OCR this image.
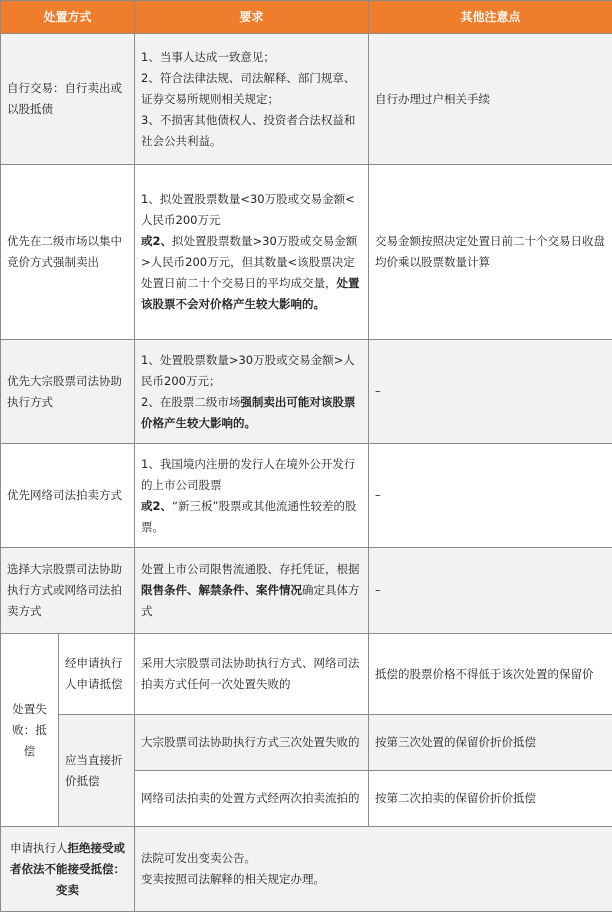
处置方式		要求	其他注意点
自行交易：自行卖出或以股抵债		1、当事人达成一致意见；
2、符合法律法规、司法解释、部门规章、证券交易所规则相关规定；
3、不损害其他债权人、投资者合法权益和社会公共利益。	自行办理过户相关手续
优先在二级市场以集中竞价方式强制卖出		1、拟处置股票数量<30万股或交易金额<人民币200万元
或2、拟处置股票数量>30万股或交易金额>人民币200万元，但其数量<该股票决定处置日前二十个交易日的平均成交量，处置该股票不会对价格产生较大影响的。	交易金额按照决定处置日前二十个交易日收盘均价乘以股票数量计算
优先大宗股票司法协助执行方式		1、处置股票数量>30万股或交易金额>人民币200万元；
2、在股票二级市场强制卖出可能对该股票价格产生较大影响的。	–
优先网络司法拍卖方式		1、我国境内注册的发行人在境外公开发行的上市公司股票
或2、“新三板”股票或其他流通性较差的股票。	–
选择大宗股票司法协助执行方式或网络司法拍卖方式		处置上市公司限售流通股、存托凭证，根据限售条件、解禁条件、案件情况确定具体方式	–
处置失败：抵偿	经申请执行人申请抵偿	采用大宗股票司法协助执行方式、网络司法拍卖方式任何一次处置失败的	抵偿的股票价格不得低于该次处置的保留价
	应当直接折价抵偿	大宗股票司法协助执行方式三次处置失败的	按第三次处置的保留价折价抵偿
		网络司法拍卖的处置方式经两次拍卖流拍的	按第二次拍卖的保留价折价抵偿
申请执行人拒绝接受或者依法不能接受抵偿：变卖		法院可发出变卖公告。
变卖按照司法解释的相关规定办理。	
